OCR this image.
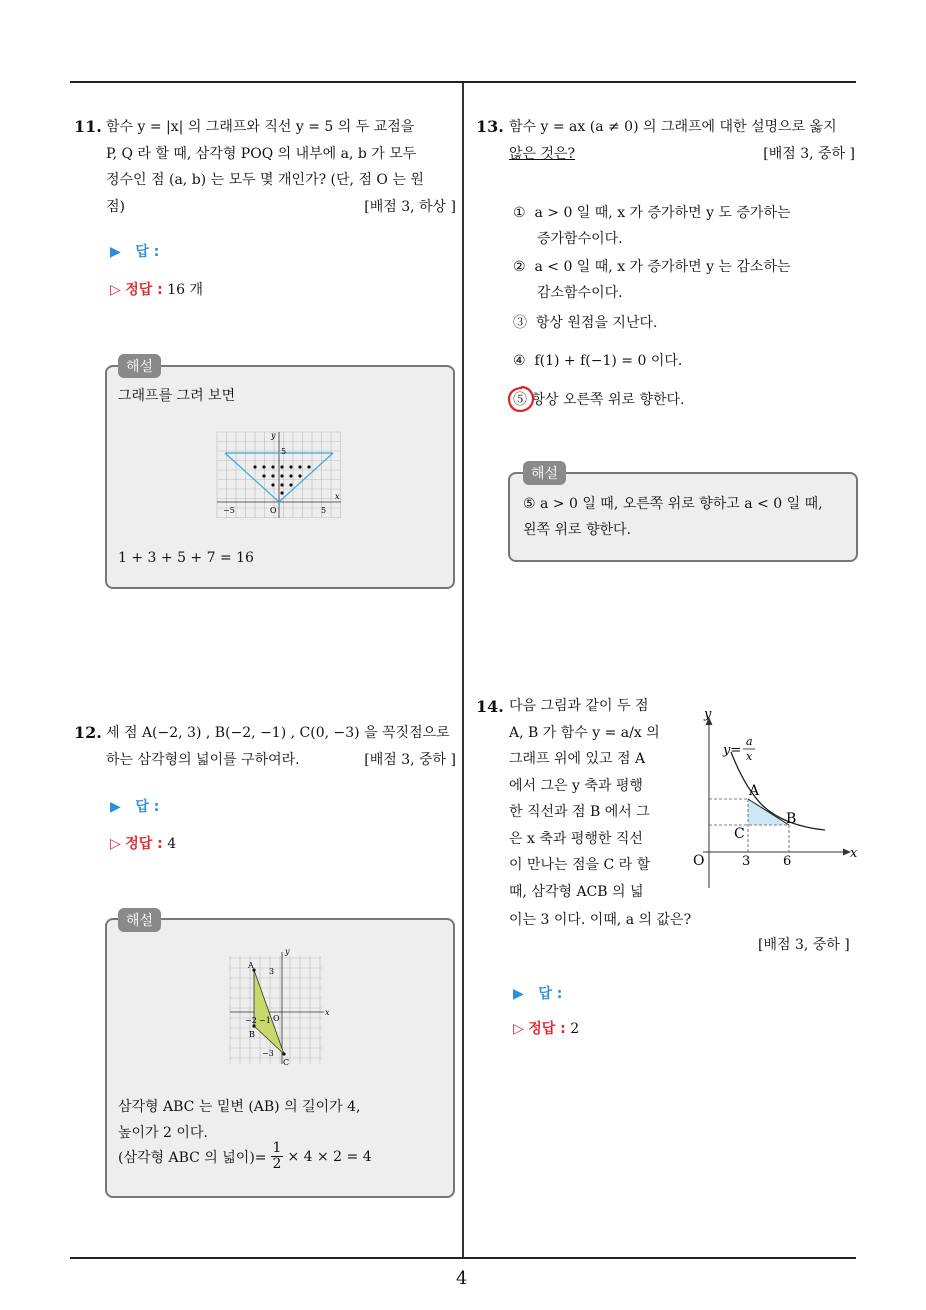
4
11. 함수 y = |x| 의 그래프와 직선 y = 5 의 두 교점을
P, Q 라 할 때, 삼각형 POQ 의 내부에 a, b 가 모두
정수인 점 (a, b) 는 모두 몇 개인가? (단, 점 O 는 원
점)	[배점 3, 하상 ]
▶ 답 :
▷ 정답 : 16 개
해설
그래프를 그려 보면
y
5
x
−5	O	5
1 + 3 + 5 + 7 = 16
12. 세 점 A(−2, 3) , B(−2, −1) , C(0, −3) 을 꼭짓점으로
하는 삼각형의 넓이를 구하여라.	[배점 3, 중하 ]
▶ 답 :
▷ 정답 : 4
해설
y
x
A
3
−2 −1 O
B
−3
C
삼각형 ABC 는 밑변 (AB) 의 길이가 4,
높이가 2 이다.
(삼각형 ABC 의 넓이)= $\frac{1}{2} \times 4 \times 2 = 4$
13. 함수 y = ax (a ≠ 0) 의 그래프에 대한 설명으로 옳지
않은 것은?	[배점 3, 중하 ]
① a > 0 일 때, x 가 증가하면 y 도 증가하는
증가함수이다.
② a < 0 일 때, x 가 증가하면 y 는 감소하는
감소함수이다.
③ 항상 원점을 지난다.
④ f(1) + f(−1) = 0 이다.
⑤ 항상 오른쪽 위로 향한다.
해설
⑤ a > 0 일 때, 오른쪽 위로 향하고 a < 0 일 때,
왼쪽 위로 향한다.
14. 다음 그림과 같이 두 점
A, B 가 함수 y = a/x 의
그래프 위에 있고 점 A
에서 그은 y 축과 평행
한 직선과 점 B 에서 그
은 x 축과 평행한 직선
이 만나는 점을 C 라 할
때, 삼각형 ACB 의 넓
이는 3 이다. 이때, a 의 값은?
[배점 3, 중하 ]
y
x
y=
a
x
A
B
C
O	3	6
▶ 답 :
▷ 정답 : 2
